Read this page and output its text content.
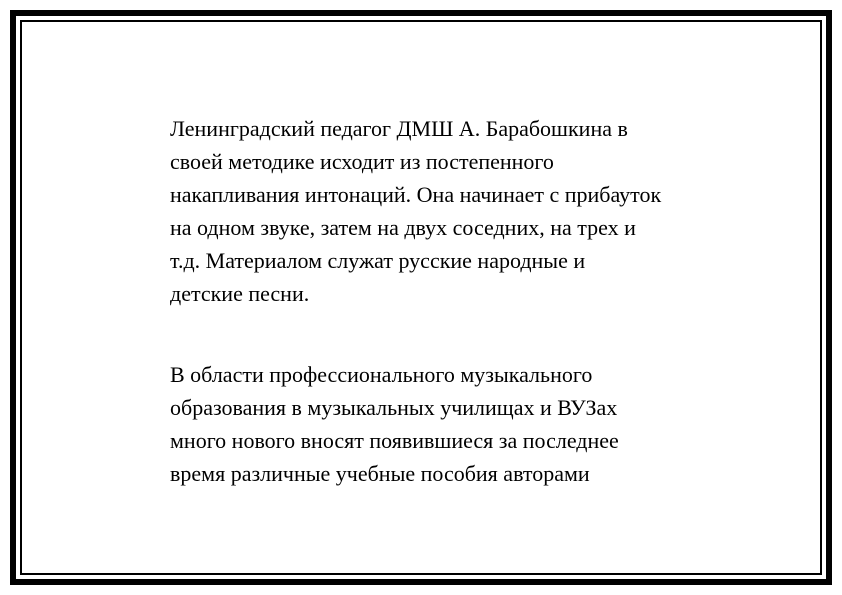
Ленинградский педагог ДМШ А. Барабошкина в
своей методике исходит из постепенного
накапливания интонаций. Она начинает с прибауток
на одном звуке, затем на двух соседних, на трех и
т.д. Материалом служат русские народные и
детские песни.

В области профессионального музыкального
образования в музыкальных училищах и ВУЗах
много нового вносят появившиеся за последнее
время различные учебные пособия авторами
